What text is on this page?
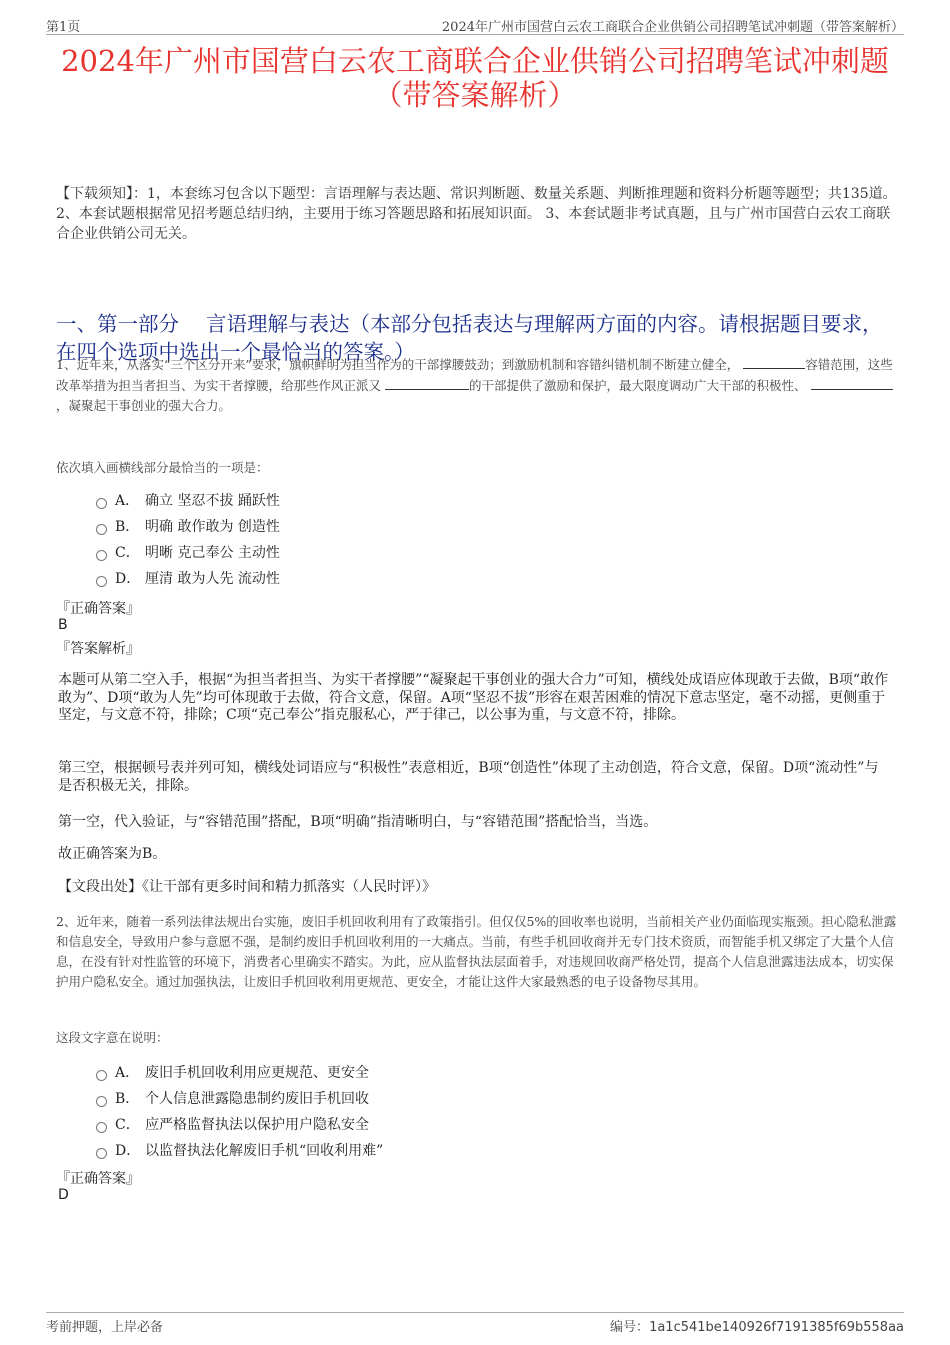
第1页	2024年广州市国营白云农工商联合企业供销公司招聘笔试冲刺题（带答案解析）
2024年广州市国营白云农工商联合企业供销公司招聘笔试冲刺题（带答案解析）

【下载须知】：1，本套练习包含以下题型：言语理解与表达题、常识判断题、数量关系题、判断推理题和资料分析题等题型；共135道。 2、本套试题根据常见招考题总结归纳，主要用于练习答题思路和拓展知识面。 3、本套试题非考试真题，且与广州市国营白云农工商联合企业供销公司无关。

一、第一部分　 言语理解与表达（本部分包括表达与理解两方面的内容。请根据题目要求，在四个选项中选出一个最恰当的答案。）

1、近年来，从落实“三个区分开来”要求，旗帜鲜明为担当作为的干部撑腰鼓劲；到激励机制和容错纠错机制不断建立健全，	容错范围，这些改革举措为担当者担当、为实干者撑腰，给那些作风正派又	的干部提供了激励和保护，最大限度调动广大干部的积极性、 ，凝聚起干事创业的强大合力。

依次填入画横线部分最恰当的一项是：

A． 确立 坚忍不拔 踊跃性
B． 明确 敢作敢为 创造性
C． 明晰 克己奉公 主动性
D． 厘清 敢为人先 流动性

『正确答案』

B

『答案解析』

本题可从第二空入手，根据“为担当者担当、为实干者撑腰”“凝聚起干事创业的强大合力”可知，横线处成语应体现敢于去做，B项“敢作敢为”、D项“敢为人先”均可体现敢于去做，符合文意，保留。A项“坚忍不拔”形容在艰苦困难的情况下意志坚定，毫不动摇，更侧重于坚定，与文意不符，排除；C项“克己奉公”指克服私心，严于律己，以公事为重，与文意不符，排除。

第三空，根据顿号表并列可知，横线处词语应与“积极性”表意相近，B项“创造性”体现了主动创造，符合文意，保留。D项“流动性”与是否积极无关，排除。

第一空，代入验证，与“容错范围”搭配，B项“明确”指清晰明白，与“容错范围”搭配恰当，当选。

故正确答案为B。

【文段出处】《让干部有更多时间和精力抓落实（人民时评）》

2、近年来，随着一系列法律法规出台实施，废旧手机回收利用有了政策指引。但仅仅5%的回收率也说明，当前相关产业仍面临现实瓶颈。担心隐私泄露和信息安全，导致用户参与意愿不强，是制约废旧手机回收利用的一大痛点。当前，有些手机回收商并无专门技术资质，而智能手机又绑定了大量个人信息，在没有针对性监管的环境下，消费者心里确实不踏实。为此，应从监督执法层面着手，对违规回收商严格处罚，提高个人信息泄露违法成本，切实保护用户隐私安全。通过加强执法，让废旧手机回收利用更规范、更安全，才能让这件大家最熟悉的电子设备物尽其用。

这段文字意在说明：

A． 废旧手机回收利用应更规范、更安全
B． 个人信息泄露隐患制约废旧手机回收
C． 应严格监督执法以保护用户隐私安全
D． 以监督执法化解废旧手机“回收利用难”

『正确答案』

D

考前押题，上岸必备	编号：1a1c541be140926f7191385f69b558aa
